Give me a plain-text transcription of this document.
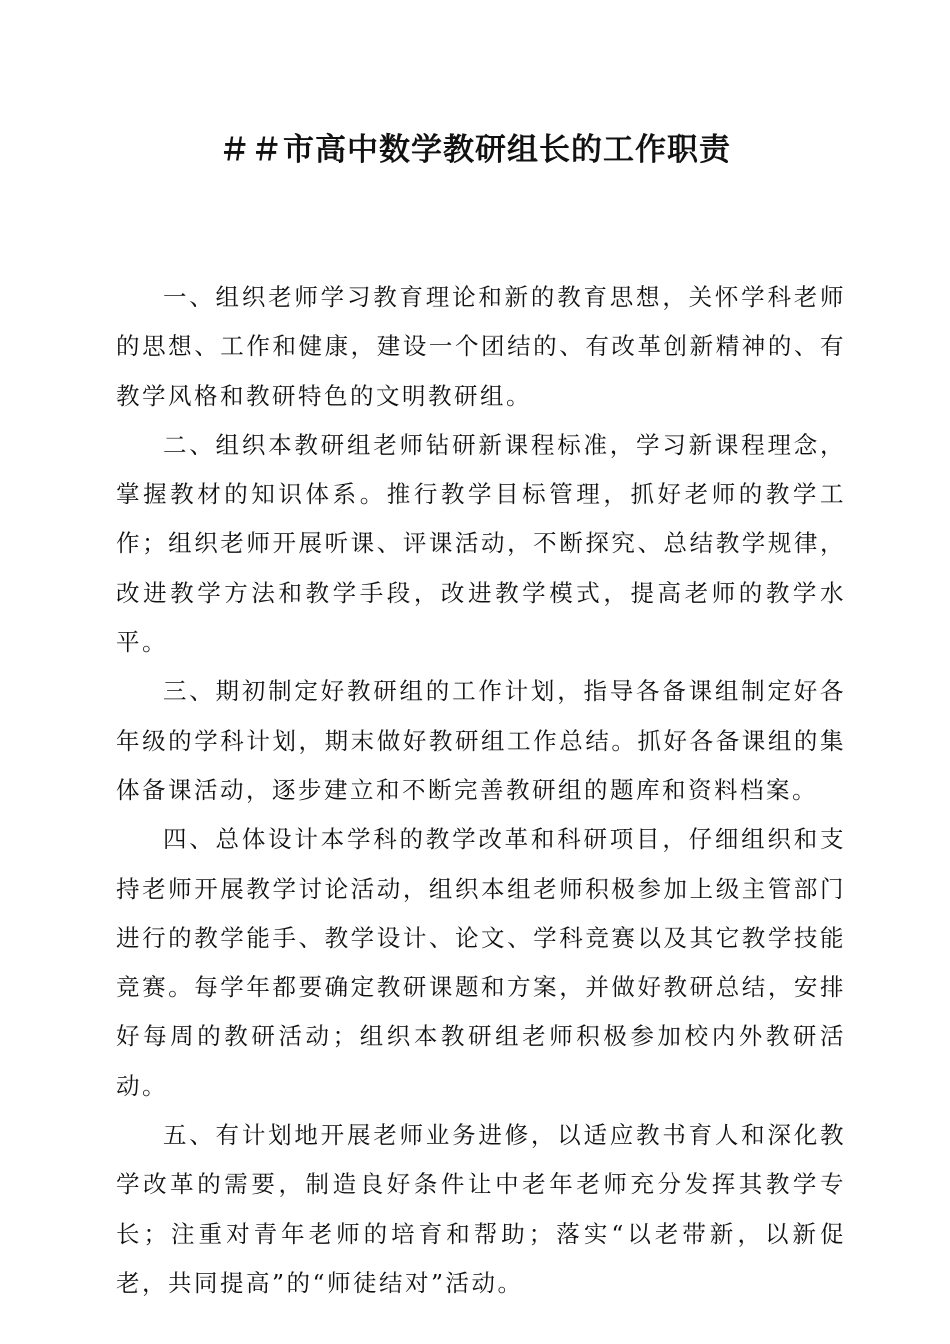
＃＃市高中数学教研组长的工作职责

一、组织老师学习教育理论和新的教育思想，关怀学科老师的思想、工作和健康，建设一个团结的、有改革创新精神的、有教学风格和教研特色的文明教研组。

二、组织本教研组老师钻研新课程标准，学习新课程理念，掌握教材的知识体系。推行教学目标管理，抓好老师的教学工作；组织老师开展听课、评课活动，不断探究、总结教学规律，改进教学方法和教学手段，改进教学模式，提高老师的教学水平。

三、期初制定好教研组的工作计划，指导各备课组制定好各年级的学科计划，期末做好教研组工作总结。抓好各备课组的集体备课活动，逐步建立和不断完善教研组的题库和资料档案。

四、总体设计本学科的教学改革和科研项目，仔细组织和支持老师开展教学讨论活动，组织本组老师积极参加上级主管部门进行的教学能手、教学设计、论文、学科竞赛以及其它教学技能竞赛。每学年都要确定教研课题和方案，并做好教研总结，安排好每周的教研活动；组织本教研组老师积极参加校内外教研活动。

五、有计划地开展老师业务进修，以适应教书育人和深化教学改革的需要，制造良好条件让中老年老师充分发挥其教学专长；注重对青年老师的培育和帮助；落实“以老带新，以新促老，共同提高”的“师徒结对”活动。
